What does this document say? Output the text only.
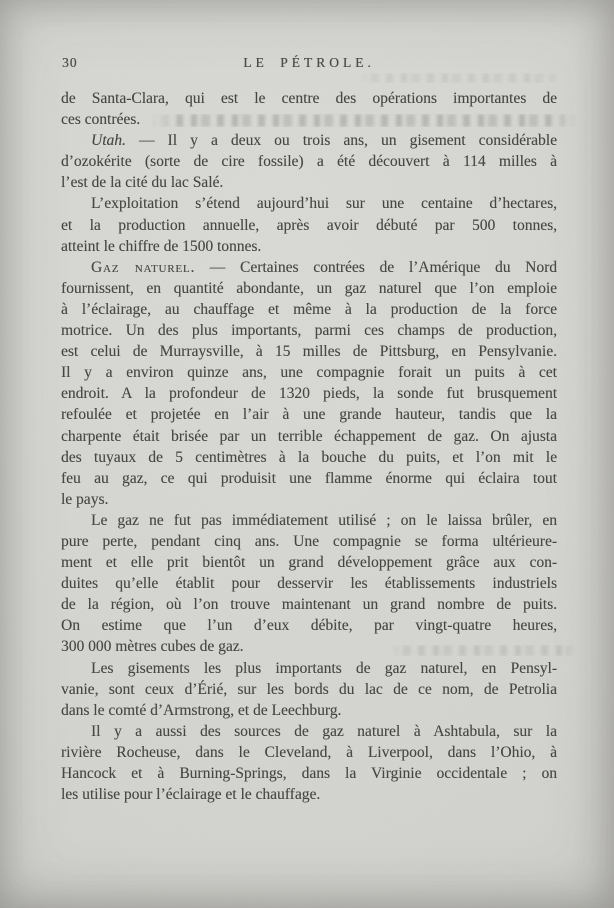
30	LE PÉTROLE.
de Santa-Clara, qui est le centre des opérations importantes de
ces contrées.
Utah. — Il y a deux ou trois ans, un gisement considérable
d’ozokérite (sorte de cire fossile) a été découvert à 114 milles à
l’est de la cité du lac Salé.
L’exploitation s’étend aujourd’hui sur une centaine d’hectares,
et la production annuelle, après avoir débuté par 500 tonnes,
atteint le chiffre de 1500 tonnes.
Gaz naturel. — Certaines contrées de l’Amérique du Nord
fournissent, en quantité abondante, un gaz naturel que l’on emploie
à l’éclairage, au chauffage et même à la production de la force
motrice. Un des plus importants, parmi ces champs de production,
est celui de Murraysville, à 15 milles de Pittsburg, en Pensylvanie.
Il y a environ quinze ans, une compagnie forait un puits à cet
endroit. A la profondeur de 1320 pieds, la sonde fut brusquement
refoulée et projetée en l’air à une grande hauteur, tandis que la
charpente était brisée par un terrible échappement de gaz. On ajusta
des tuyaux de 5 centimètres à la bouche du puits, et l’on mit le
feu au gaz, ce qui produisit une flamme énorme qui éclaira tout
le pays.
Le gaz ne fut pas immédiatement utilisé ; on le laissa brûler, en
pure perte, pendant cinq ans. Une compagnie se forma ultérieure-
ment et elle prit bientôt un grand développement grâce aux con-
duites qu’elle établit pour desservir les établissements industriels
de la région, où l’on trouve maintenant un grand nombre de puits.
On estime que l’un d’eux débite, par vingt-quatre heures,
300 000 mètres cubes de gaz.
Les gisements les plus importants de gaz naturel, en Pensyl-
vanie, sont ceux d’Érié, sur les bords du lac de ce nom, de Petrolia
dans le comté d’Armstrong, et de Leechburg.
Il y a aussi des sources de gaz naturel à Ashtabula, sur la
rivière Rocheuse, dans le Cleveland, à Liverpool, dans l’Ohio, à
Hancock et à Burning-Springs, dans la Virginie occidentale ; on
les utilise pour l’éclairage et le chauffage.
